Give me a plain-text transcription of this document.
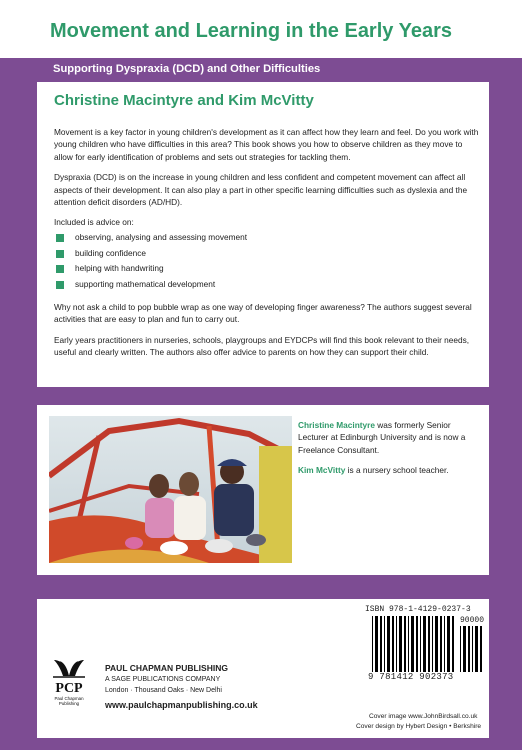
Movement and Learning in the Early Years
Supporting Dyspraxia (DCD) and Other Difficulties
Christine Macintyre and Kim McVitty

Movement is a key factor in young children's development as it can affect how they learn and feel. Do you work with young children who have difficulties in this area? This book shows you how to observe children as they move to allow for early identification of problems and sets out strategies for tackling them.

Dyspraxia (DCD) is on the increase in young children and less confident and competent movement can affect all aspects of their development. It can also play a part in other specific learning difficulties such as dyslexia and the attention deficit disorders (AD/HD).

Included is advice on:

observing, analysing and assessing movement
building confidence
helping with handwriting
supporting mathematical development

Why not ask a child to pop bubble wrap as one way of developing finger awareness? The authors suggest several activities that are easy to plan and fun to carry out.

Early years practitioners in nurseries, schools, playgroups and EYDCPs will find this book relevant to their needs, useful and clearly written. The authors also offer advice to parents on how they can support their child.

Christine Macintyre was formerly Senior Lecturer at Edinburgh University and is now a Freelance Consultant.

Kim McVitty is a nursery school teacher.

PCP
Paul Chapman
Publishing
PAUL CHAPMAN PUBLISHING
A SAGE PUBLICATIONS COMPANY
London · Thousand Oaks · New Delhi
www.paulchapmanpublishing.co.uk
ISBN 978-1-4129-0237-3
90000
9 781412 902373
Cover image www.JohnBirdsall.co.uk
Cover design by Hybert Design • Berkshire
